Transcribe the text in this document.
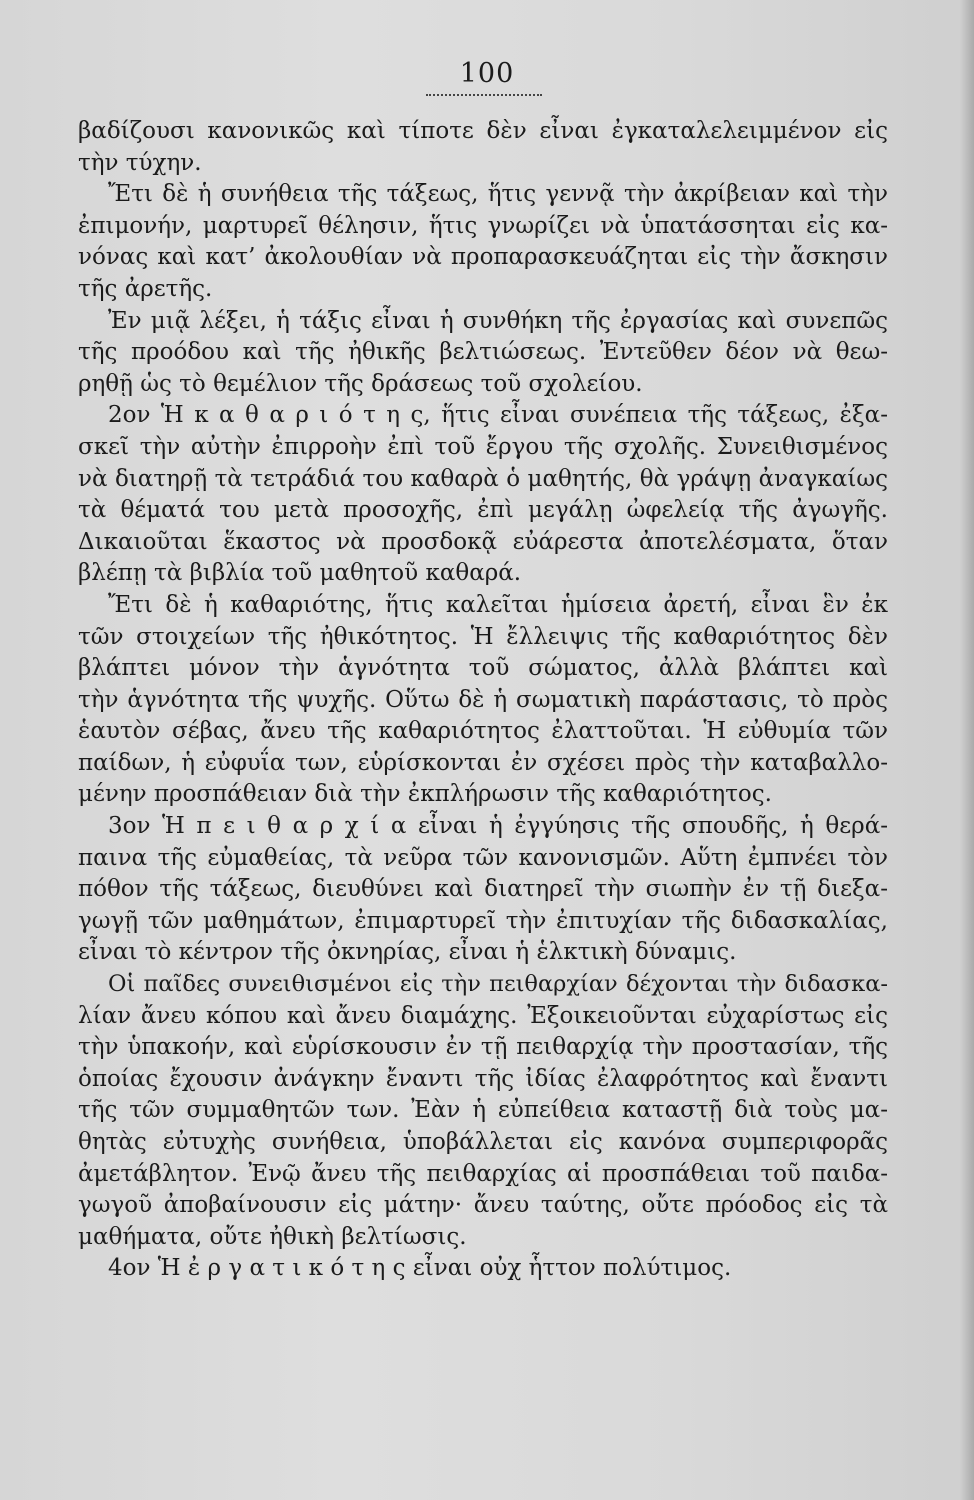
100
βαδίζουσι κανονικῶς καὶ τίποτε δὲν εἶναι ἐγκαταλελειμμένον εἰς
τὴν τύχην.
Ἔτι δὲ ἡ συνήθεια τῆς τάξεως, ἥτις γεννᾷ τὴν ἀκρίβειαν καὶ τὴν
ἐπιμονήν, μαρτυρεῖ θέλησιν, ἥτις γνωρίζει νὰ ὑπατάσσηται εἰς κα-
νόνας καὶ κατ’ ἀκολουθίαν νὰ προπαρασκευάζηται εἰς τὴν ἄσκησιν
τῆς ἀρετῆς.
Ἐν μιᾷ λέξει, ἡ τάξις εἶναι ἡ συνθήκη τῆς ἐργασίας καὶ συνεπῶς
τῆς προόδου καὶ τῆς ἠθικῆς βελτιώσεως. Ἐντεῦθεν δέον νὰ θεω-
ρηθῇ ὡς τὸ θεμέλιον τῆς δράσεως τοῦ σχολείου.
2ον Ἡ κ α θ α ρ ι ό τ η ς, ἥτις εἶναι συνέπεια τῆς τάξεως, ἐξα-
σκεῖ τὴν αὐτὴν ἐπιρροὴν ἐπὶ τοῦ ἔργου τῆς σχολῆς. Συνειθισμένος
νὰ διατηρῇ τὰ τετράδιά του καθαρὰ ὁ μαθητής, θὰ γράψῃ ἀναγκαίως
τὰ θέματά του μετὰ προσοχῆς, ἐπὶ μεγάλῃ ὠφελείᾳ τῆς ἀγωγῆς.
Δικαιοῦται ἕκαστος νὰ προσδοκᾷ εὐάρεστα ἀποτελέσματα, ὅταν
βλέπῃ τὰ βιβλία τοῦ μαθητοῦ καθαρά.
Ἔτι δὲ ἡ καθαριότης, ἥτις καλεῖται ἡμίσεια ἀρετή, εἶναι ἓν ἐκ
τῶν στοιχείων τῆς ἠθικότητος. Ἡ ἔλλειψις τῆς καθαριότητος δὲν
βλάπτει μόνον τὴν ἁγνότητα τοῦ σώματος, ἀλλὰ βλάπτει καὶ
τὴν ἁγνότητα τῆς ψυχῆς. Οὕτω δὲ ἡ σωματικὴ παράστασις, τὸ πρὸς
ἑαυτὸν σέβας, ἄνευ τῆς καθαριότητος ἐλαττοῦται. Ἡ εὐθυμία τῶν
παίδων, ἡ εὐφυΐα των, εὑρίσκονται ἐν σχέσει πρὸς τὴν καταβαλλο-
μένην προσπάθειαν διὰ τὴν ἐκπλήρωσιν τῆς καθαριότητος.
3ον Ἡ π ε ι θ α ρ χ ί α εἶναι ἡ ἐγγύησις τῆς σπουδῆς, ἡ θερά-
παινα τῆς εὐμαθείας, τὰ νεῦρα τῶν κανονισμῶν. Αὕτη ἐμπνέει τὸν
πόθον τῆς τάξεως, διευθύνει καὶ διατηρεῖ τὴν σιωπὴν ἐν τῇ διεξα-
γωγῇ τῶν μαθημάτων, ἐπιμαρτυρεῖ τὴν ἐπιτυχίαν τῆς διδασκαλίας,
εἶναι τὸ κέντρον τῆς ὀκνηρίας, εἶναι ἡ ἑλκτικὴ δύναμις.
Οἱ παῖδες συνειθισμένοι εἰς τὴν πειθαρχίαν δέχονται τὴν διδασκα-
λίαν ἄνευ κόπου καὶ ἄνευ διαμάχης. Ἐξοικειοῦνται εὐχαρίστως εἰς
τὴν ὑπακοήν, καὶ εὑρίσκουσιν ἐν τῇ πειθαρχίᾳ τὴν προστασίαν, τῆς
ὁποίας ἔχουσιν ἀνάγκην ἔναντι τῆς ἰδίας ἐλαφρότητος καὶ ἔναντι
τῆς τῶν συμμαθητῶν των. Ἐὰν ἡ εὐπείθεια καταστῇ διὰ τοὺς μα-
θητὰς εὐτυχὴς συνήθεια, ὑποβάλλεται εἰς κανόνα συμπεριφορᾶς
ἀμετάβλητον. Ἐνῷ ἄνευ τῆς πειθαρχίας αἱ προσπάθειαι τοῦ παιδα-
γωγοῦ ἀποβαίνουσιν εἰς μάτην· ἄνευ ταύτης, οὔτε πρόοδος εἰς τὰ
μαθήματα, οὔτε ἠθικὴ βελτίωσις.
4ον Ἡ ἐ ρ γ α τ ι κ ό τ η ς εἶναι οὐχ ἧττον πολύτιμος.
